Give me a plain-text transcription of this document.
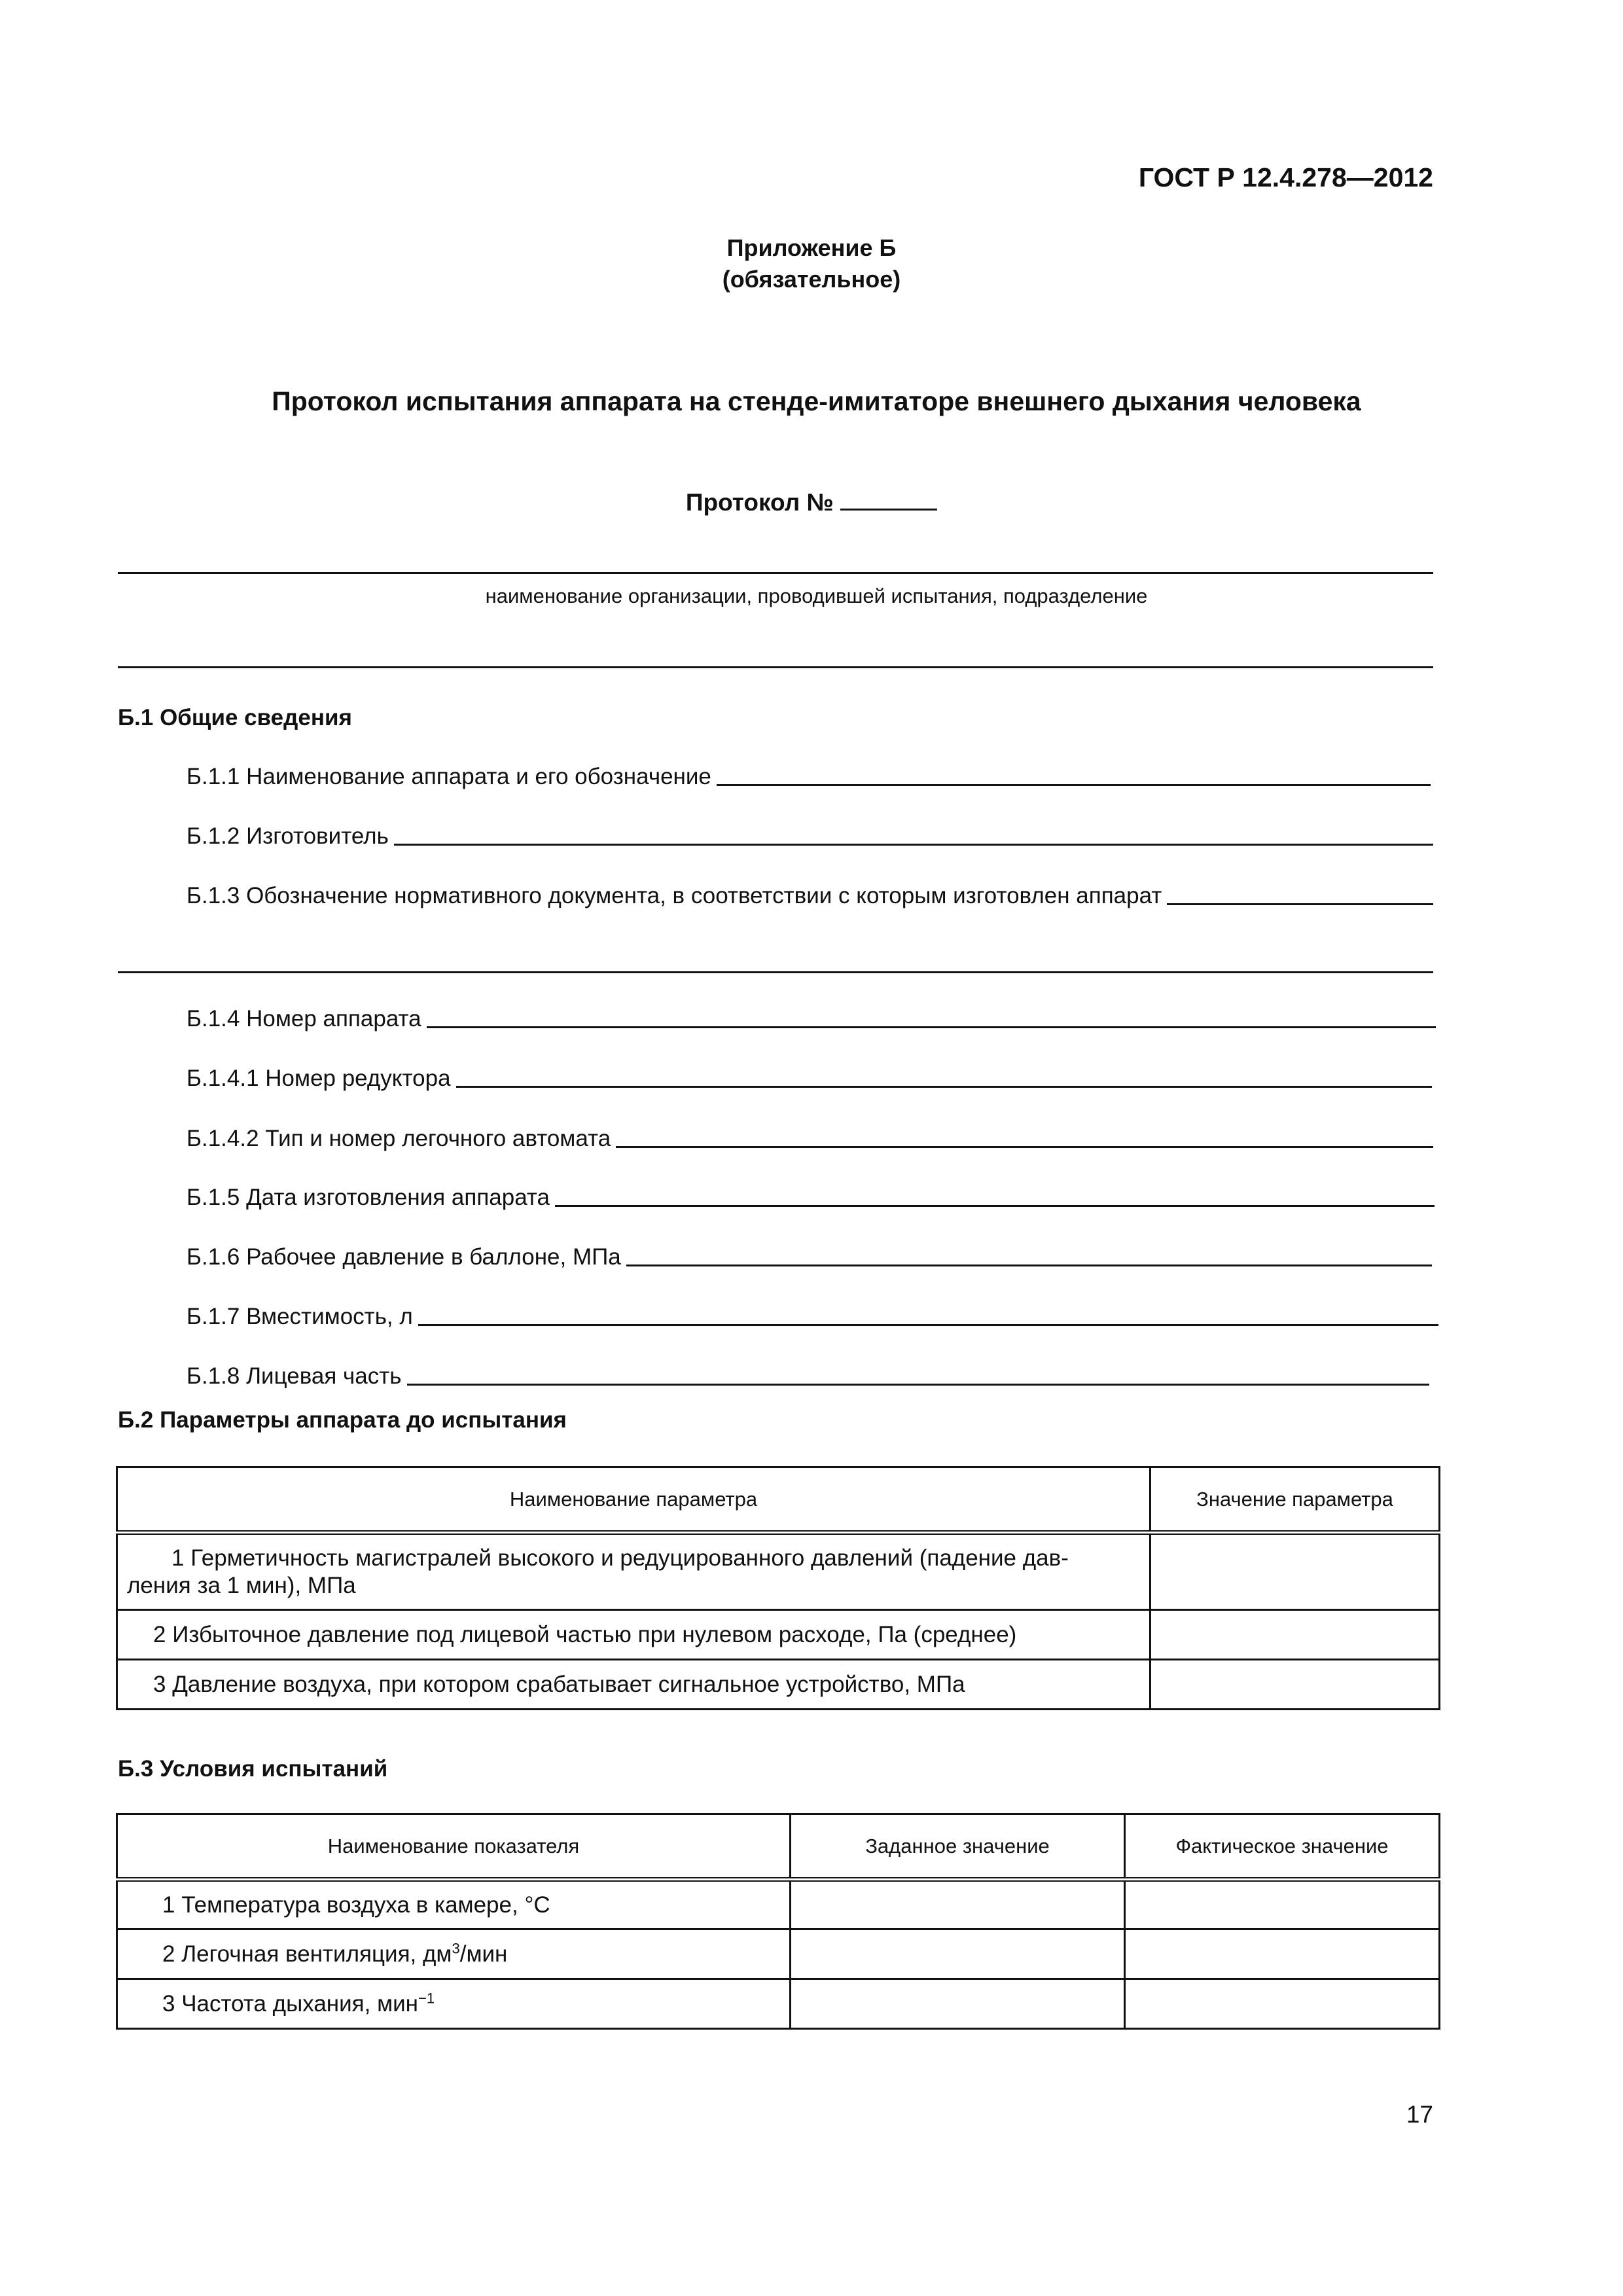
ГОСТ Р 12.4.278—2012
Приложение Б
(обязательное)
Протокол испытания аппарата на стенде-имитаторе внешнего дыхания человека
Протокол №
наименование организации, проводившей испытания, подразделение
Б.1 Общие сведения
Б.1.1 Наименование аппарата и его обозначение
Б.1.2 Изготовитель
Б.1.3 Обозначение нормативного документа, в соответствии с которым изготовлен аппарат
Б.1.4 Номер аппарата
Б.1.4.1 Номер редуктора
Б.1.4.2 Тип и номер легочного автомата
Б.1.5 Дата изготовления аппарата
Б.1.6 Рабочее давление в баллоне, МПа
Б.1.7 Вместимость, л
Б.1.8 Лицевая часть
Б.2 Параметры аппарата до испытания
Наименование параметра	Значение параметра

1 Герметичность магистралей высокого и редуцированного давлений (падение дав-
ления за 1 мин), МПа	

2 Избыточное давление под лицевой частью при нулевом расходе, Па (среднее)	
3 Давление воздуха, при котором срабатывает сигнальное устройство, МПа	
Б.3 Условия испытаний
Наименование показателя	Заданное значение	Фактическое значение
1 Температура воздуха в камере, °C		
2 Легочная вентиляция, $дм^3$/мин		
3 Частота дыхания, мин$^{-1}$		
17
